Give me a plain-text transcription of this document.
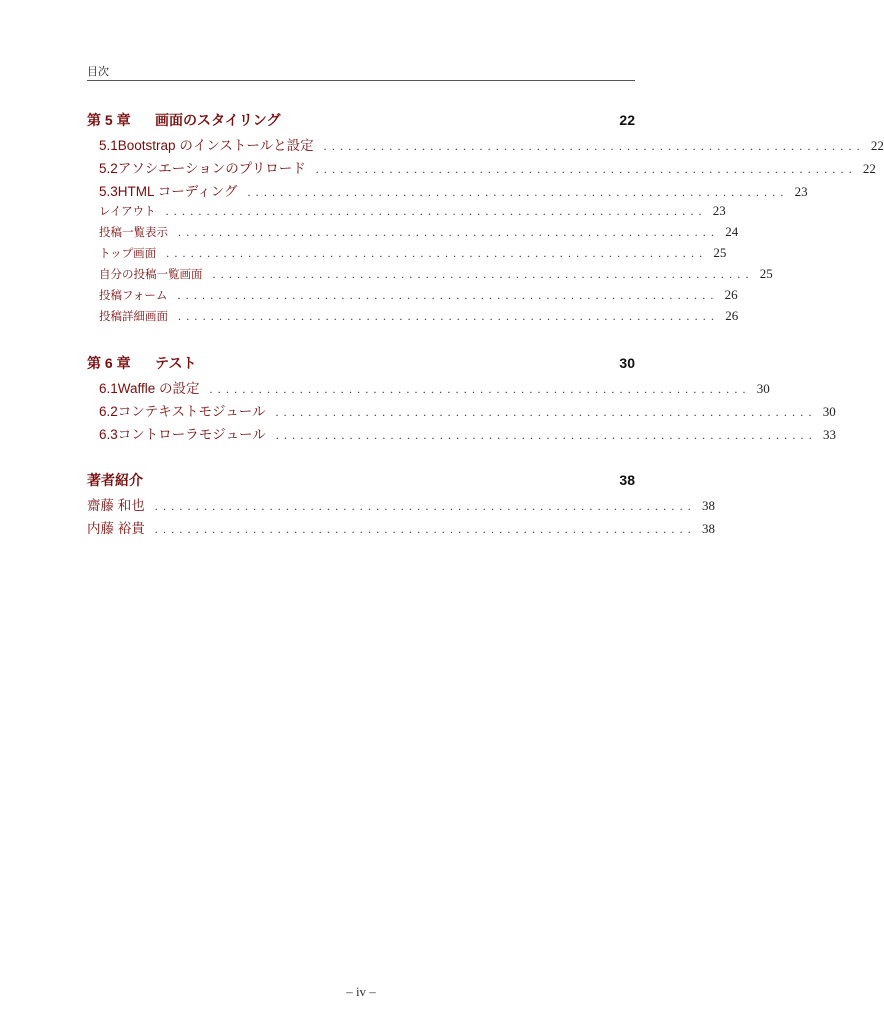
目次
第 5 章	画面のスタイリング	22
5.1 Bootstrap のインストールと設定 .................................................................. 22
5.2 アソシエーションのプリロード .................................................................. 22
5.3 HTML コーディング .................................................................. 23
レイアウト .................................................................. 23
投稿一覧表示 .................................................................. 24
トップ画面 .................................................................. 25
自分の投稿一覧画面 .................................................................. 25
投稿フォーム .................................................................. 26
投稿詳細画面 .................................................................. 26
第 6 章	テスト	30
6.1 Waffle の設定 .................................................................. 30
6.2 コンテキストモジュール .................................................................. 30
6.3 コントローラモジュール .................................................................. 33
著者紹介	38
齋藤 和也 .................................................................. 38
内藤 裕貴 .................................................................. 38
– iv –
